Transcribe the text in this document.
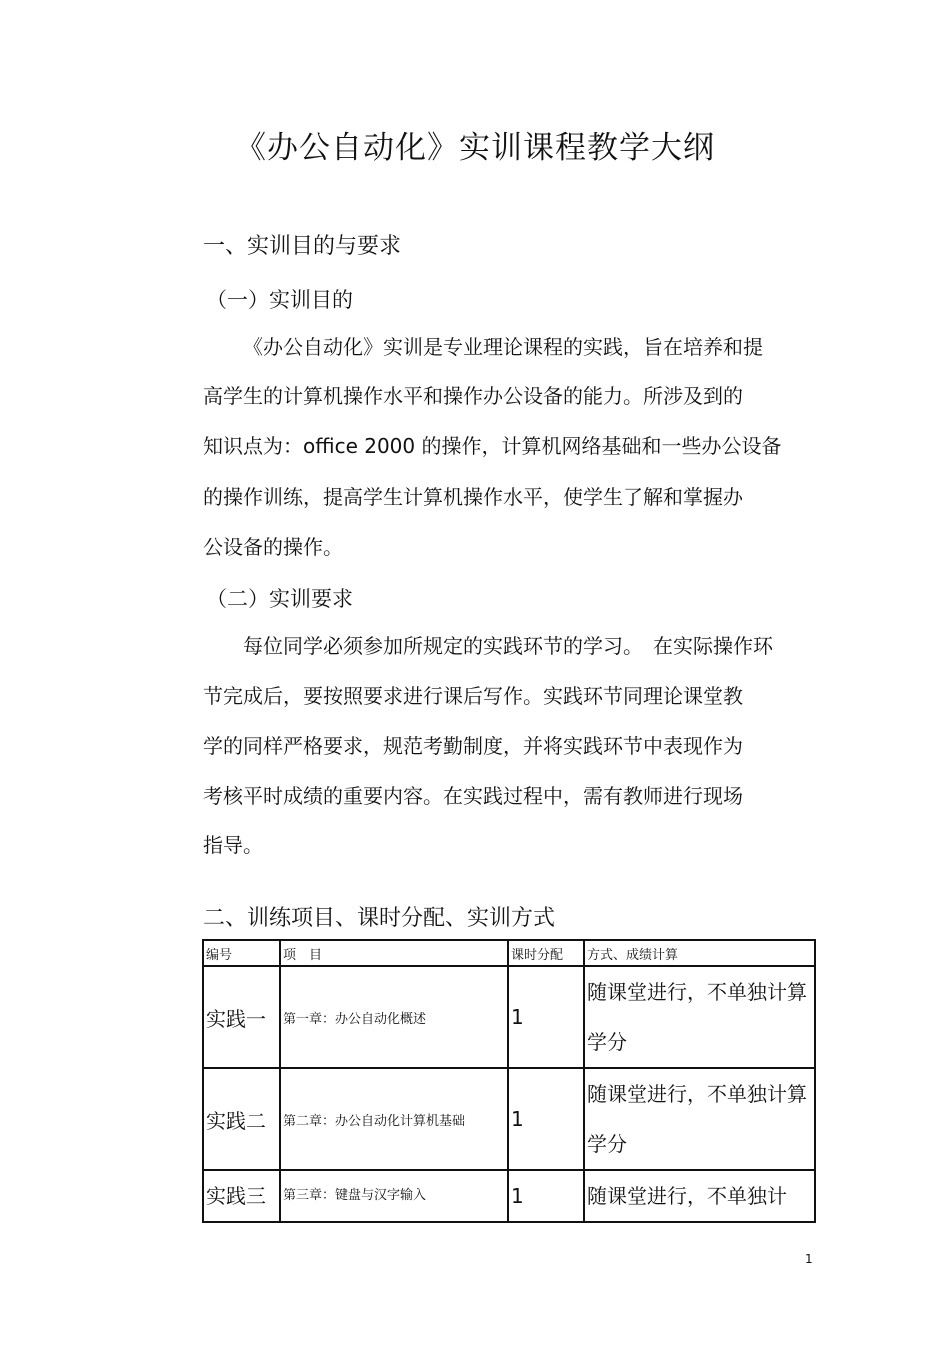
《办公自动化》实训课程教学大纲
一、实训目的与要求
（一）实训目的
《办公自动化》实训是专业理论课程的实践，旨在培养和提
高学生的计算机操作水平和操作办公设备的能力。所涉及到的
知识点为：office 2000 的操作，计算机网络基础和一些办公设备
的操作训练，提高学生计算机操作水平，使学生了解和掌握办
公设备的操作。
（二）实训要求
每位同学必须参加所规定的实践环节的学习。　在实际操作环
节完成后，要按照要求进行课后写作。实践环节同理论课堂教
学的同样严格要求，规范考勤制度，并将实践环节中表现作为
考核平时成绩的重要内容。在实践过程中，需有教师进行现场
指导。
二、训练项目、课时分配、实训方式
编号	项　目	课时分配	方式、成绩计算
实践一	第一章：办公自动化概述	1	随课堂进行，不单独计算学分
实践二	第二章：办公自动化计算机基础	1	随课堂进行，不单独计算学分
实践三	第三章：键盘与汉字输入	1	随课堂进行，不单独计
1
